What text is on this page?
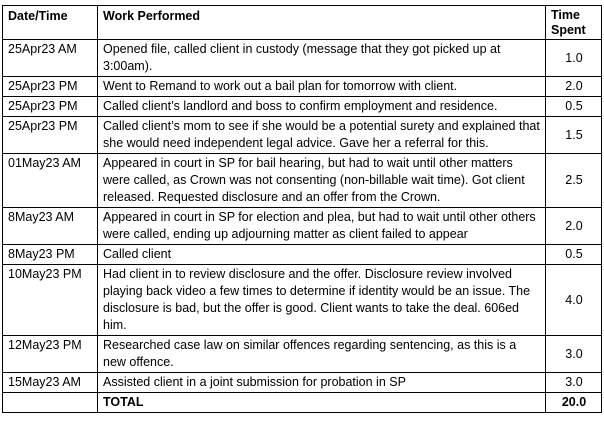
Date/Time	Work Performed	Time Spent
25Apr23 AM	Opened file, called client in custody (message that they got picked up at 3:00am).	1.0
25Apr23 PM	Went to Remand to work out a bail plan for tomorrow with client.	2.0
25Apr23 PM	Called client’s landlord and boss to confirm employment and residence.	0.5
25Apr23 PM	Called client’s mom to see if she would be a potential surety and explained that she would need independent legal advice. Gave her a referral for this.	1.5
01May23 AM	Appeared in court in SP for bail hearing, but had to wait until other matters were called, as Crown was not consenting (non-billable wait time). Got client released. Requested disclosure and an offer from the Crown.	2.5
8May23 AM	Appeared in court in SP for election and plea, but had to wait until other others were called, ending up adjourning matter as client failed to appear	2.0
8May23 PM	Called client	0.5
10May23 PM	Had client in to review disclosure and the offer. Disclosure review involved playing back video a few times to determine if identity would be an issue. The disclosure is bad, but the offer is good. Client wants to take the deal. 606ed him.	4.0
12May23 PM	Researched case law on similar offences regarding sentencing, as this is a new offence.	3.0
15May23 AM	Assisted client in a joint submission for probation in SP	3.0
	TOTAL	20.0
